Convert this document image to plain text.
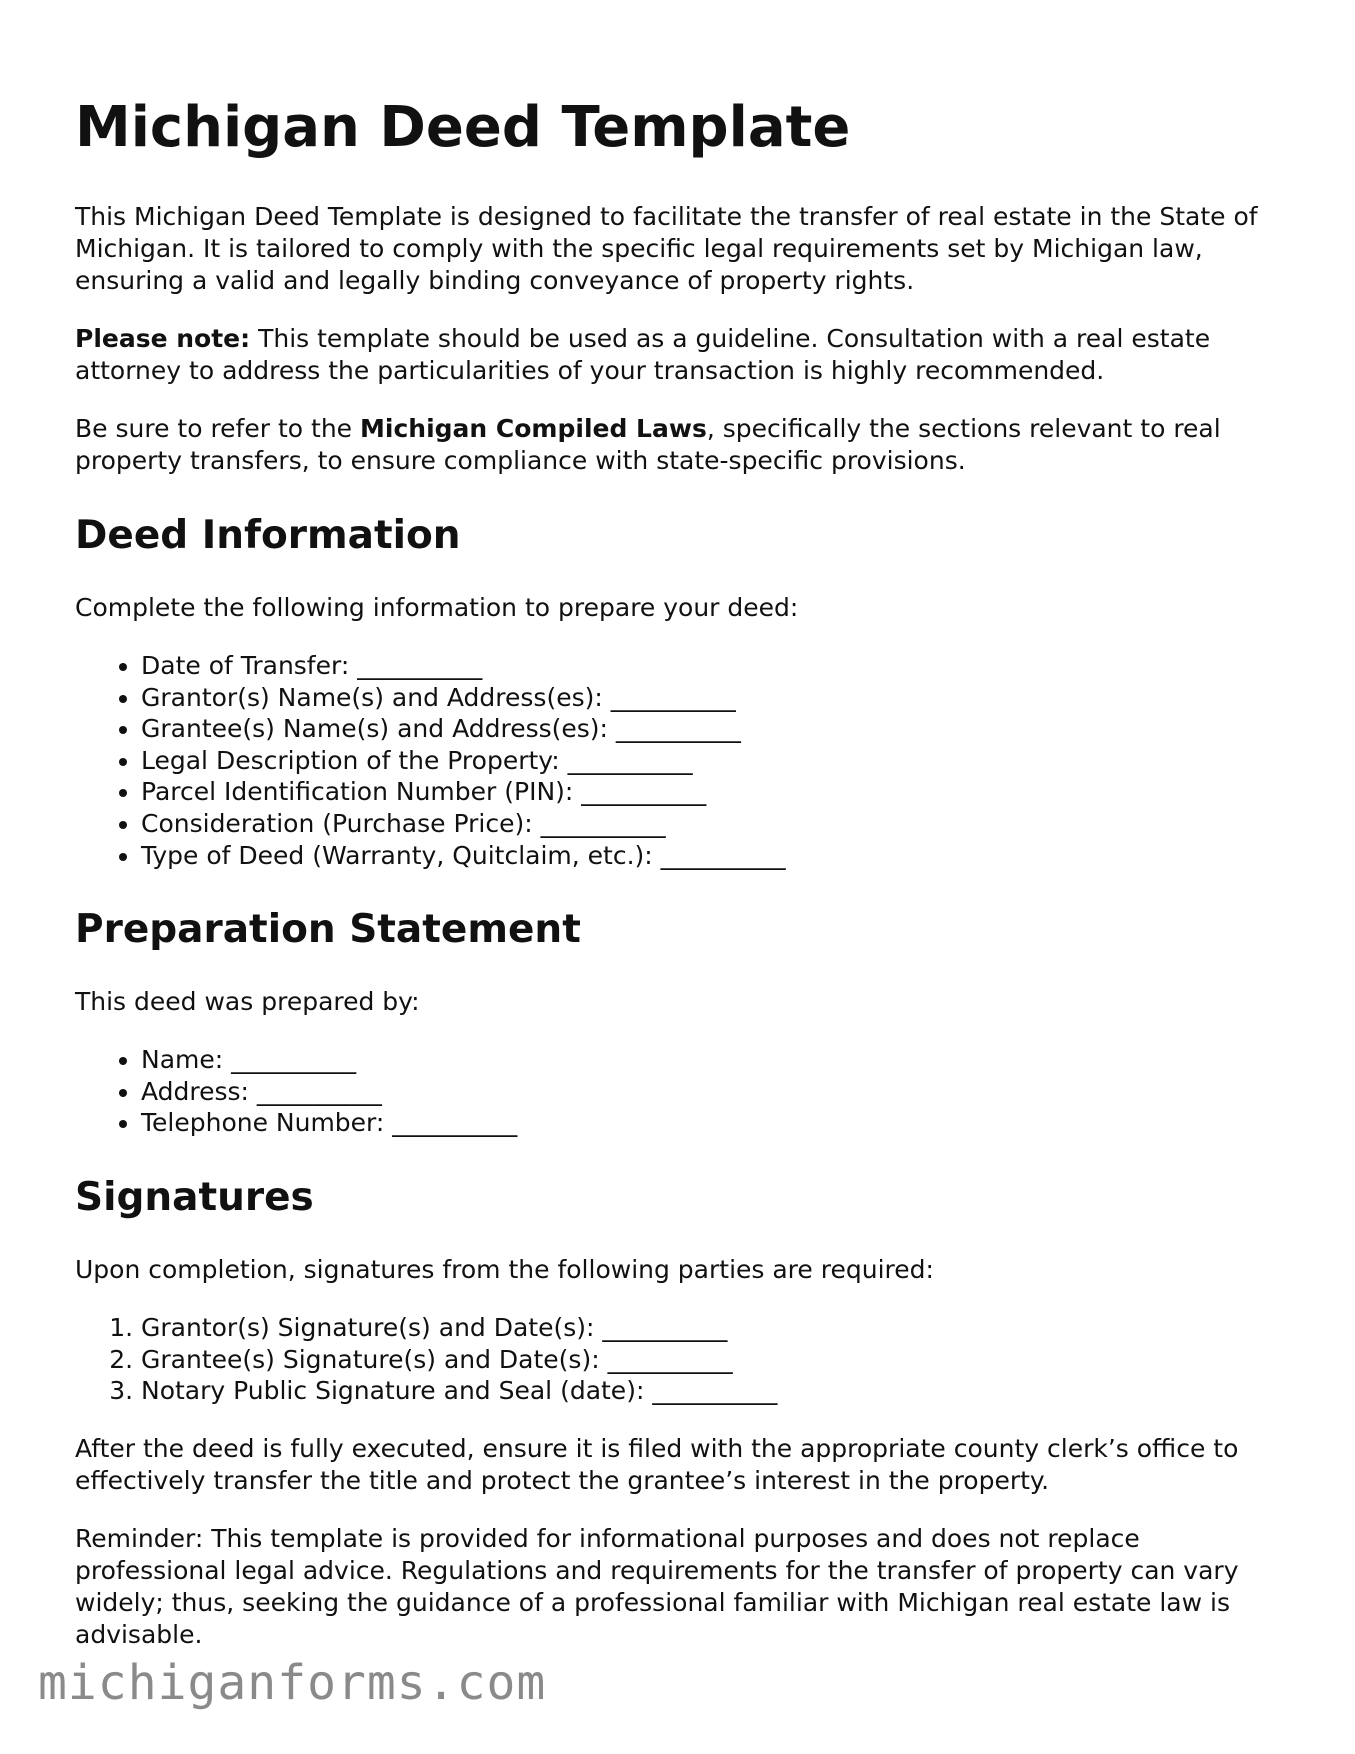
Michigan Deed Template

This Michigan Deed Template is designed to facilitate the transfer of real estate in the State of Michigan. It is tailored to comply with the specific legal requirements set by Michigan law, ensuring a valid and legally binding conveyance of property rights.

Please note: This template should be used as a guideline. Consultation with a real estate attorney to address the particularities of your transaction is highly recommended.

Be sure to refer to the Michigan Compiled Laws, specifically the sections relevant to real property transfers, to ensure compliance with state-specific provisions.

Deed Information

Complete the following information to prepare your deed:

• Date of Transfer: __________
• Grantor(s) Name(s) and Address(es): __________
• Grantee(s) Name(s) and Address(es): __________
• Legal Description of the Property: __________
• Parcel Identification Number (PIN): __________
• Consideration (Purchase Price): __________
• Type of Deed (Warranty, Quitclaim, etc.): __________
Preparation Statement

This deed was prepared by:

• Name: __________
• Address: __________
• Telephone Number: __________
Signatures

Upon completion, signatures from the following parties are required:

1. Grantor(s) Signature(s) and Date(s): __________
2. Grantee(s) Signature(s) and Date(s): __________
3. Notary Public Signature and Seal (date): __________

After the deed is fully executed, ensure it is filed with the appropriate county clerk’s office to effectively transfer the title and protect the grantee’s interest in the property.

Reminder: This template is provided for informational purposes and does not replace professional legal advice. Regulations and requirements for the transfer of property can vary widely; thus, seeking the guidance of a professional familiar with Michigan real estate law is advisable.

michiganforms.com
